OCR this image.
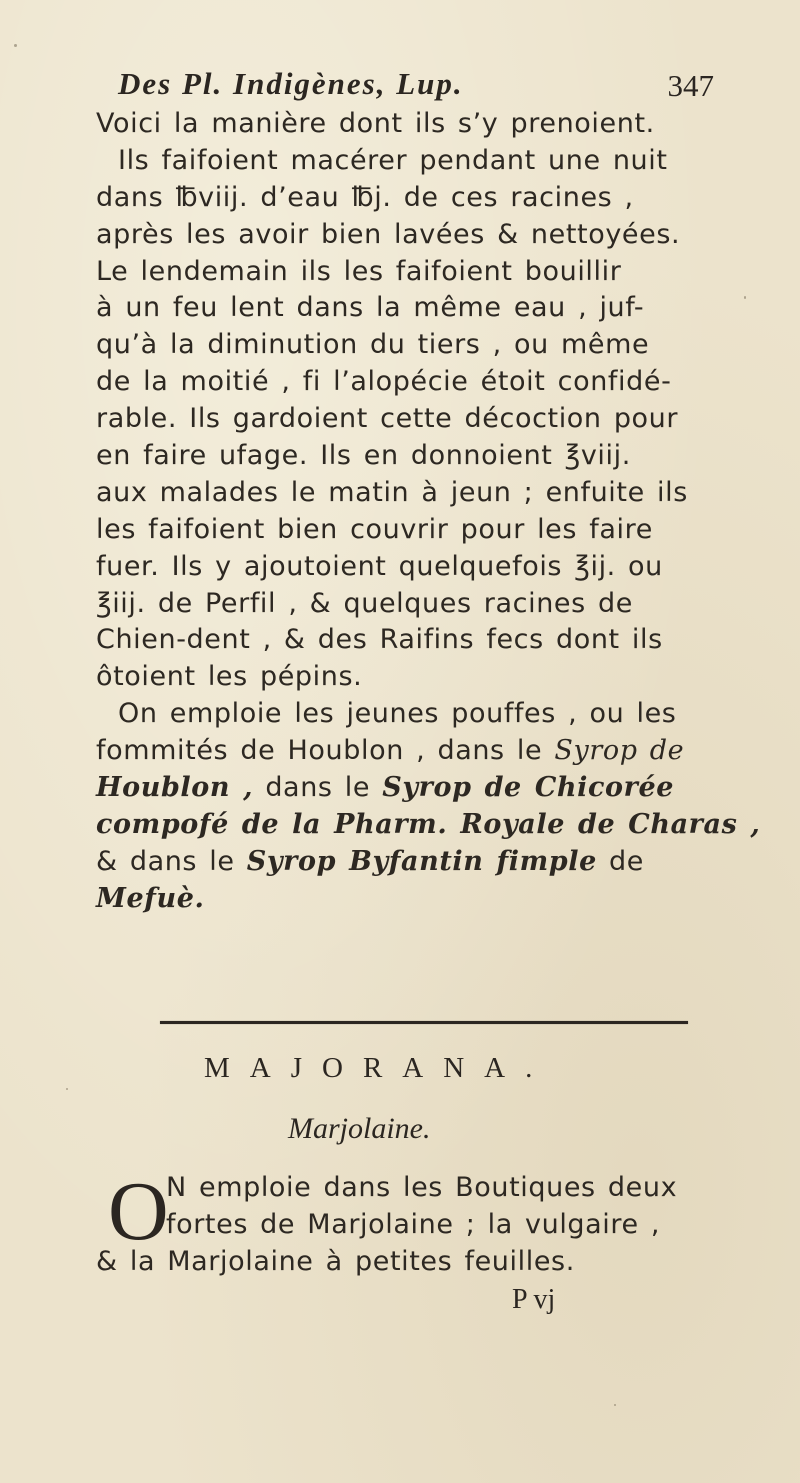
Des Pl. Indigènes, Lup.	347
Voici la manière dont ils s’y prenoient.
Ils faifoient macérer pendant une nuit
dans ℔viij. d’eau ℔j. de ces racines ,
après les avoir bien lavées & nettoyées.
Le lendemain ils les faifoient bouillir
à un feu lent dans la même eau , juf-
qu’à la diminution du tiers , ou même
de la moitié , fi l’alopécie étoit confidé-
rable. Ils gardoient cette décoction pour
en faire ufage. Ils en donnoient ℥viij.
aux malades le matin à jeun ; enfuite ils
les faifoient bien couvrir pour les faire
fuer. Ils y ajoutoient quelquefois ℥ij. ou
℥iij. de Perfil , & quelques racines de
Chien-dent , & des Raifins fecs dont ils
ôtoient les pépins.
On emploie les jeunes pouffes , ou les
fommités de Houblon , dans le Syrop de
Houblon , dans le Syrop de Chicorée
compofé de la Pharm. Royale de Charas ,
& dans le Syrop Byfantin fimple de
Mefuè.
MAJORANA.
Marjolaine.
O
N emploie dans les Boutiques deux
fortes de Marjolaine ; la vulgaire ,
& la Marjolaine à petites feuilles.
P vj
